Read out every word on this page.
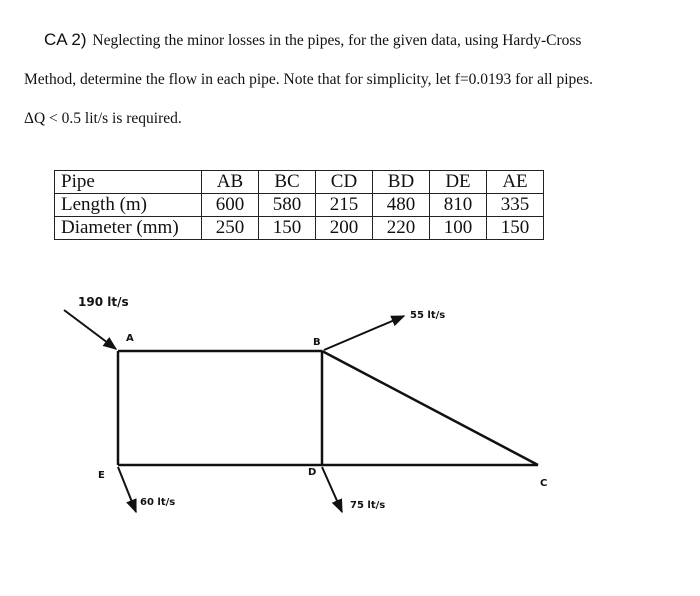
CA 2) Neglecting the minor losses in the pipes, for the given data, using Hardy-Cross
Method, determine the flow in each pipe. Note that for simplicity, let f=0.0193 for all pipes.
ΔQ < 0.5 lit/s is required.
Pipe	AB	BC	CD	BD	DE	AE
Length (m)	600	580	215	480	810	335
Diameter (mm)	250	150	200	220	100	150
A	B
C
D
E
190 lt/s
55 lt/s
60 lt/s	75 lt/s
